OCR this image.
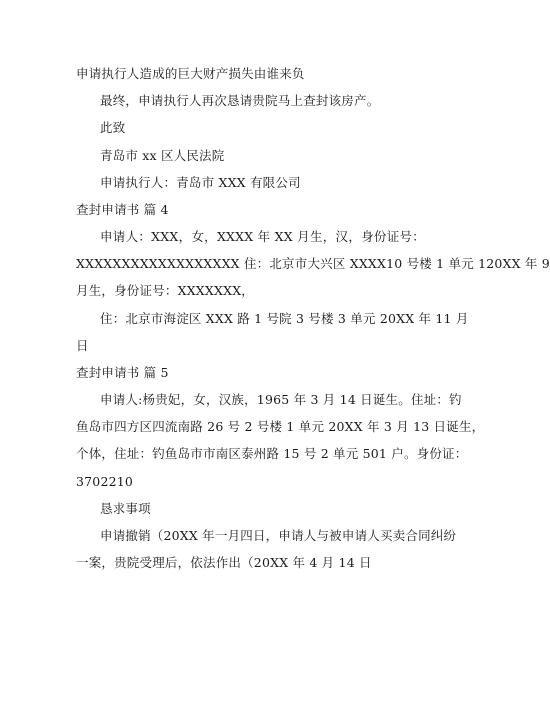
申请执行人造成的巨大财产损失由谁来负
最终，申请执行人再次恳请贵院马上查封该房产。
此致
青岛市 xx 区人民法院
申请执行人：青岛市 XXX 有限公司
查封申请书 篇 4
申请人：XXX，女，XXXX 年 XX 月生，汉，身份证号：
XXXXXXXXXXXXXXXXXX 住：北京市大兴区 XXXX10 号楼 1 单元 120XX 年 9
月生，身份证号：XXXXXXX，
住：北京市海淀区 XXX 路 1 号院 3 号楼 3 单元 20XX 年 11 月
日
查封申请书 篇 5
申请人:杨贵妃，女，汉族，1965 年 3 月 14 日诞生。住址：钓
鱼岛市四方区四流南路 26 号 2 号楼 1 单元 20XX 年 3 月 13 日诞生，
个体，住址：钓鱼岛市市南区泰州路 15 号 2 单元 501 户。身份证：
3702210
恳求事项
申请撤销（20XX 年一月四日，申请人与被申请人买卖合同纠纷
一案，贵院受理后，依法作出（20XX 年 4 月 14 日
